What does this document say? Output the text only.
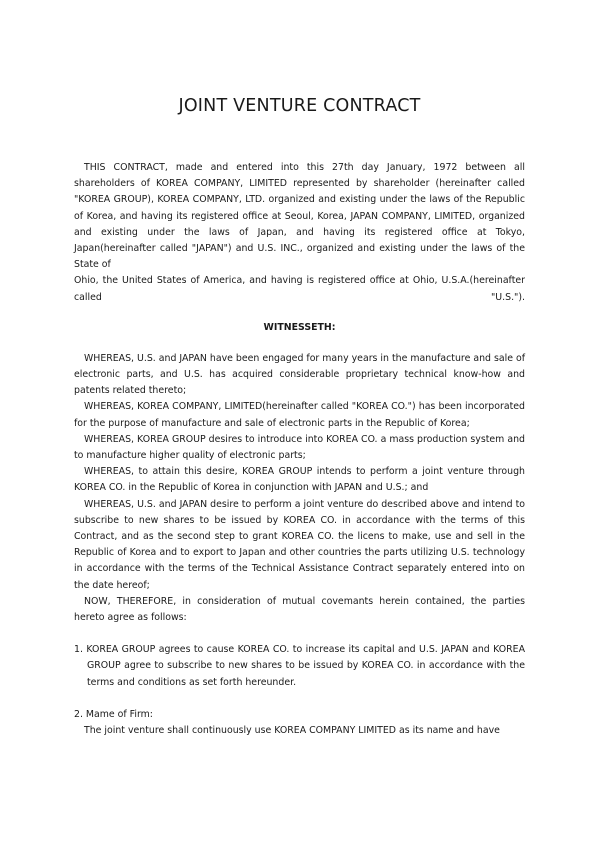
JOINT VENTURE CONTRACT

THIS CONTRACT, made and entered into this 27th day January, 1972 between all shareholders of KOREA COMPANY, LIMITED represented by shareholder (hereinafter called "KOREA GROUP), KOREA COMPANY, LTD. organized and existing under the laws of the Republic of Korea, and having its registered office at Seoul, Korea, JAPAN COMPANY, LIMITED, organized and existing under the laws of Japan, and having its registered office at Tokyo, Japan(hereinafter called "JAPAN") and U.S. INC., organized and existing under the laws of the State of

Ohio, the United States of America, and having is registered office at Ohio, U.S.A.(hereinafter called "U.S.").

WITNESSETH:

WHEREAS, U.S. and JAPAN have been engaged for many years in the manufacture and sale of electronic parts, and U.S. has acquired considerable proprietary technical know-how and patents related thereto;

WHEREAS, KOREA COMPANY, LIMITED(hereinafter called "KOREA CO.") has been incorporated for the purpose of manufacture and sale of electronic parts in the Republic of Korea;

WHEREAS, KOREA GROUP desires to introduce into KOREA CO. a mass production system and to manufacture higher quality of electronic parts;

WHEREAS, to attain this desire, KOREA GROUP intends to perform a joint venture through KOREA CO. in the Republic of Korea in conjunction with JAPAN and U.S.; and

WHEREAS, U.S. and JAPAN desire to perform a joint venture do described above and intend to subscribe to new shares to be issued by KOREA CO. in accordance with the terms of this Contract, and as the second step to grant KOREA CO. the licens to make, use and sell in the Republic of Korea and to export to Japan and other countries the parts utilizing U.S. technology in accordance with the terms of the Technical Assistance Contract separately entered into on the date hereof;

NOW, THEREFORE, in consideration of mutual covemants herein contained, the parties hereto agree as follows:

1. KOREA GROUP agrees to cause KOREA CO. to increase its capital and U.S. JAPAN and KOREA GROUP agree to subscribe to new shares to be issued by KOREA CO. in accordance with the terms and conditions as set forth hereunder.

2. Mame of Firm:

The joint venture shall continuously use KOREA COMPANY LIMITED as its name and have
